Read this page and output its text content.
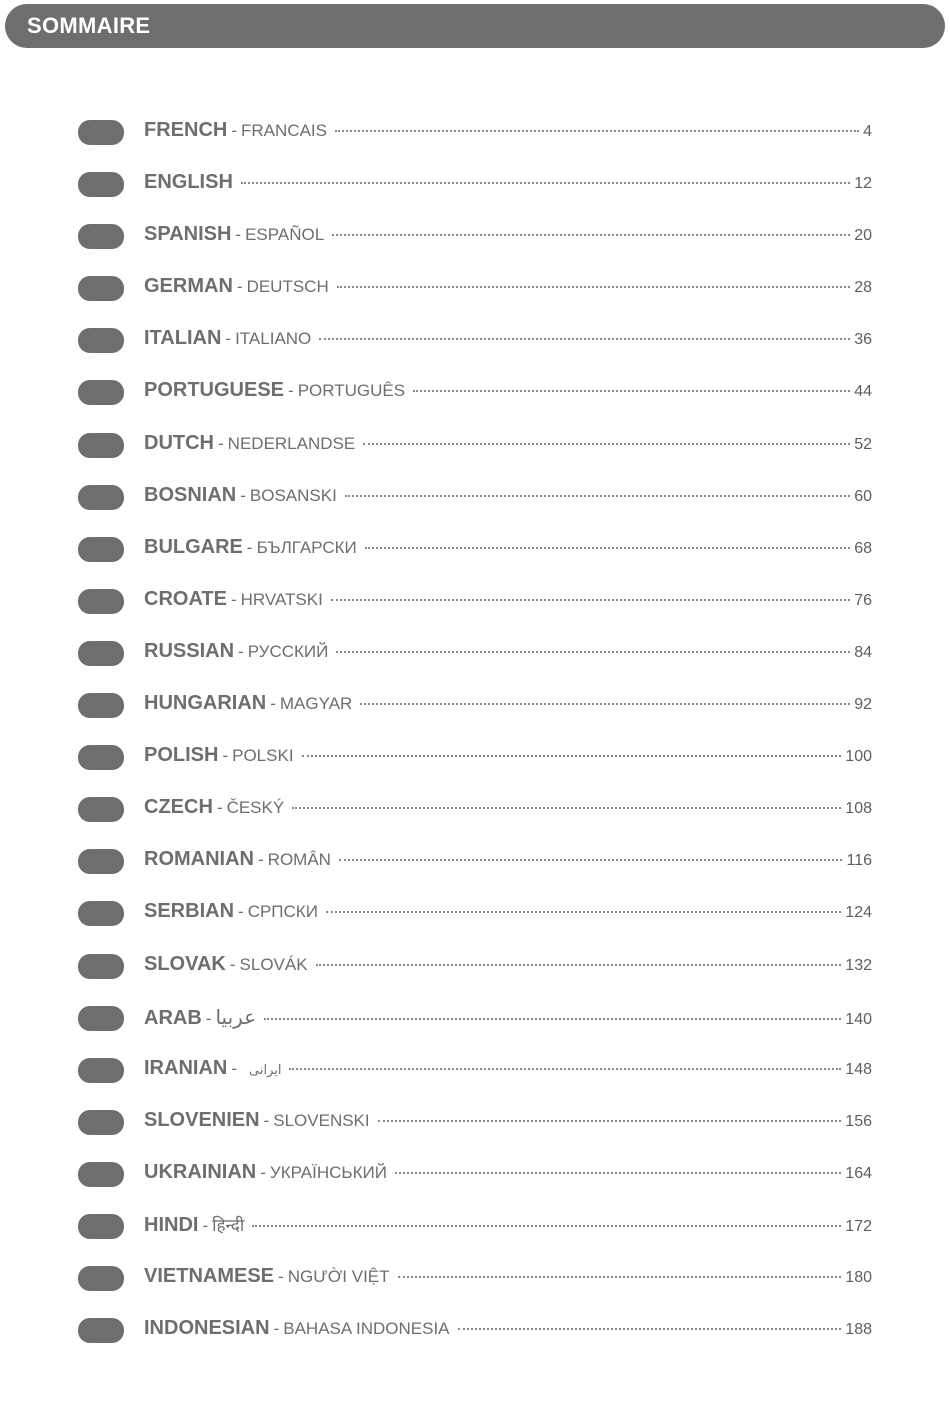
SOMMAIRE
FRENCH - FRANCAIS	4
ENGLISH	12
SPANISH - ESPAÑOL	20
GERMAN - DEUTSCH	28
ITALIAN - ITALIANO	36
PORTUGUESE - PORTUGUÊS	44
DUTCH - NEDERLANDSE	52
BOSNIAN - BOSANSKI	60
BULGARE - БЪЛГАРСКИ	68
CROATE - HRVATSKI	76
RUSSIAN - РУССКИЙ	84
HUNGARIAN - MAGYAR	92
POLISH - POLSKI	100
CZECH - ČESKÝ	108
ROMANIAN - ROMÂN	116
SERBIAN - СРПСКИ	124
SLOVAK - SLOVÁK	132
ARAB - عربيا	140
IRANIAN - ایرانی	148
SLOVENIEN - SLOVENSKI	156
UKRAINIAN - УКРАЇНСЬКИЙ	164
HINDI - हिन्दी	172
VIETNAMESE - NGƯỜI VIỆT	180
INDONESIAN - BAHASA INDONESIA	188
